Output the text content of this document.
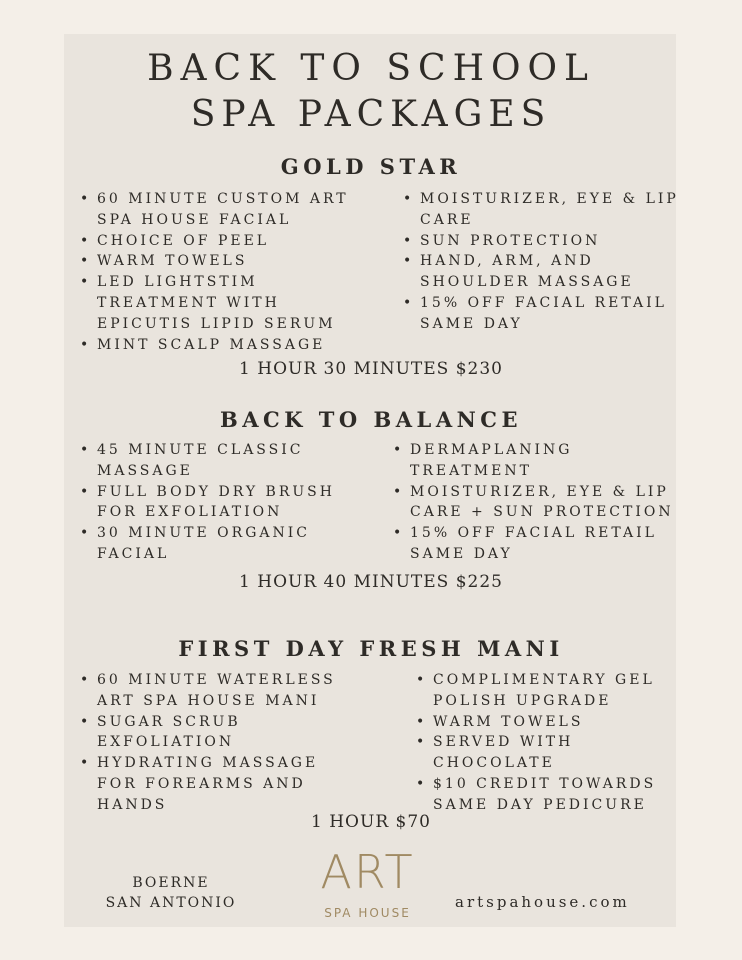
BACK TO SCHOOL
SPA PACKAGES
GOLD STAR
• 60 MINUTE CUSTOM ART
SPA HOUSE FACIAL
• CHOICE OF PEEL
• WARM TOWELS
• LED LIGHTSTIM
TREATMENT WITH
EPICUTIS LIPID SERUM
• MINT SCALP MASSAGE
• MOISTURIZER, EYE & LIP
CARE
• SUN PROTECTION
• HAND, ARM, AND
SHOULDER MASSAGE
• 15% OFF FACIAL RETAIL
SAME DAY
1 HOUR 30 MINUTES $230
BACK TO BALANCE
• 45 MINUTE CLASSIC
MASSAGE
• FULL BODY DRY BRUSH
FOR EXFOLIATION
• 30 MINUTE ORGANIC
FACIAL
• DERMAPLANING
TREATMENT
• MOISTURIZER, EYE & LIP
CARE + SUN PROTECTION
• 15% OFF FACIAL RETAIL
SAME DAY
1 HOUR 40 MINUTES $225
FIRST DAY FRESH MANI
• 60 MINUTE WATERLESS
ART SPA HOUSE MANI
• SUGAR SCRUB
EXFOLIATION
• HYDRATING MASSAGE
FOR FOREARMS AND
HANDS
• COMPLIMENTARY GEL
POLISH UPGRADE
• WARM TOWELS
• SERVED WITH
CHOCOLATE
• $10 CREDIT TOWARDS
SAME DAY PEDICURE
1 HOUR $70
BOERNE
SAN ANTONIO
ART
SPA HOUSE
artspahouse.com
